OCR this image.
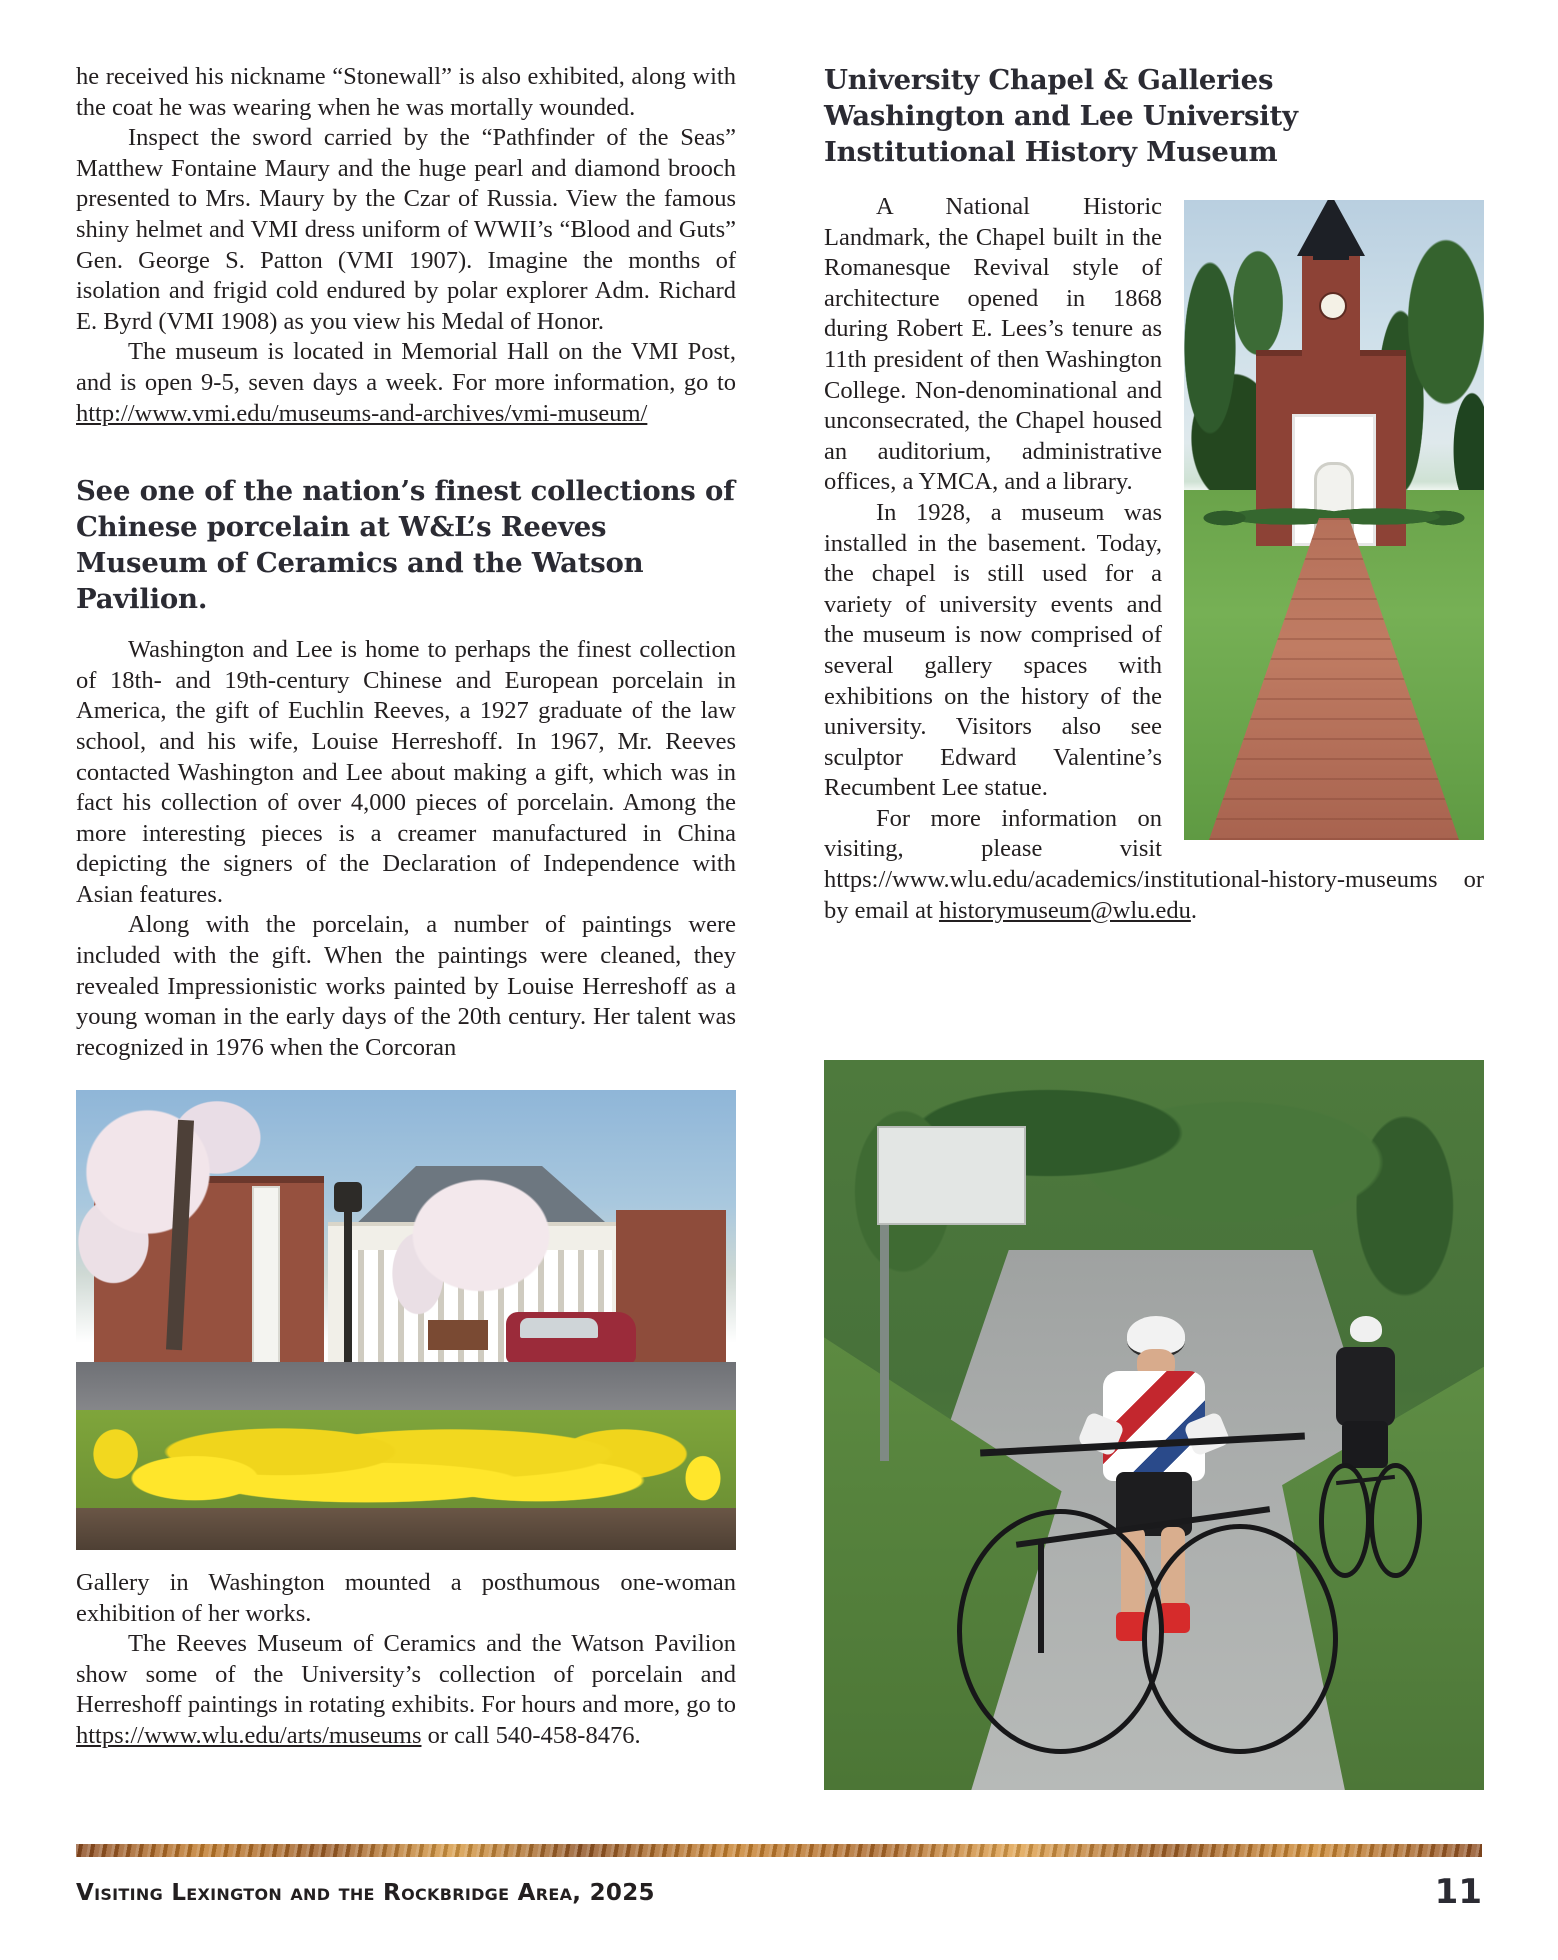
he received his nickname “Stonewall” is also exhibited, along with the coat he was wearing when he was mortally wounded.

Inspect the sword carried by the “Pathfinder of the Seas” Matthew Fontaine Maury and the huge pearl and diamond brooch presented to Mrs. Maury by the Czar of Russia. View the famous shiny helmet and VMI dress uniform of WWII’s “Blood and Guts” Gen. George S. Patton (VMI 1907). Imagine the months of isolation and frigid cold endured by polar explorer Adm. Richard E. Byrd (VMI 1908) as you view his Medal of Honor.

The museum is located in Memorial Hall on the VMI Post, and is open 9-5, seven days a week. For more information, go to http://www.vmi.edu/museums-and-archives/vmi-museum/

See one of the nation’s finest collections of Chinese porcelain at W&L’s Reeves Museum of Ceramics and the Watson Pavilion.

Washington and Lee is home to perhaps the finest collection of 18th- and 19th-century Chinese and European porcelain in America, the gift of Euchlin Reeves, a 1927 graduate of the law school, and his wife, Louise Herreshoff. In 1967, Mr. Reeves contacted Washington and Lee about making a gift, which was in fact his collection of over 4,000 pieces of porcelain. Among the more interesting pieces is a creamer manufactured in China depicting the signers of the Declaration of Independence with Asian features.

Along with the porcelain, a number of paintings were included with the gift. When the paintings were cleaned, they revealed Impressionistic works painted by Louise Herreshoff as a young woman in the early days of the 20th century. Her talent was recognized in 1976 when the Corcoran

Gallery in Washington mounted a posthumous one-woman exhibition of her works.

The Reeves Museum of Ceramics and the Watson Pavilion show some of the University’s collection of porcelain and Herreshoff paintings in rotating exhibits. For hours and more, go to https://www.wlu.edu/arts/museums or call 540-458-8476.

University Chapel & Galleries
Washington and Lee University
Institutional History Museum

A National Historic Landmark, the Chapel built in the Romanesque Revival style of architecture opened in 1868 during Robert E. Lees’s tenure as 11th president of then Washington College. Non-denominational and unconsecrated, the Chapel housed an auditorium, administrative offices, a YMCA, and a library.

In 1928, a museum was installed in the basement. Today, the chapel is still used for a variety of university events and the museum is now comprised of several gallery spaces with exhibitions on the history of the university. Visitors also see sculptor Edward Valentine’s Recumbent Lee statue.

For more information on visiting, please visit https://www.wlu.edu/academics/institutional-history-museums or by email at historymuseum@wlu.edu.

Visiting Lexington and the Rockbridge Area, 2025	11
